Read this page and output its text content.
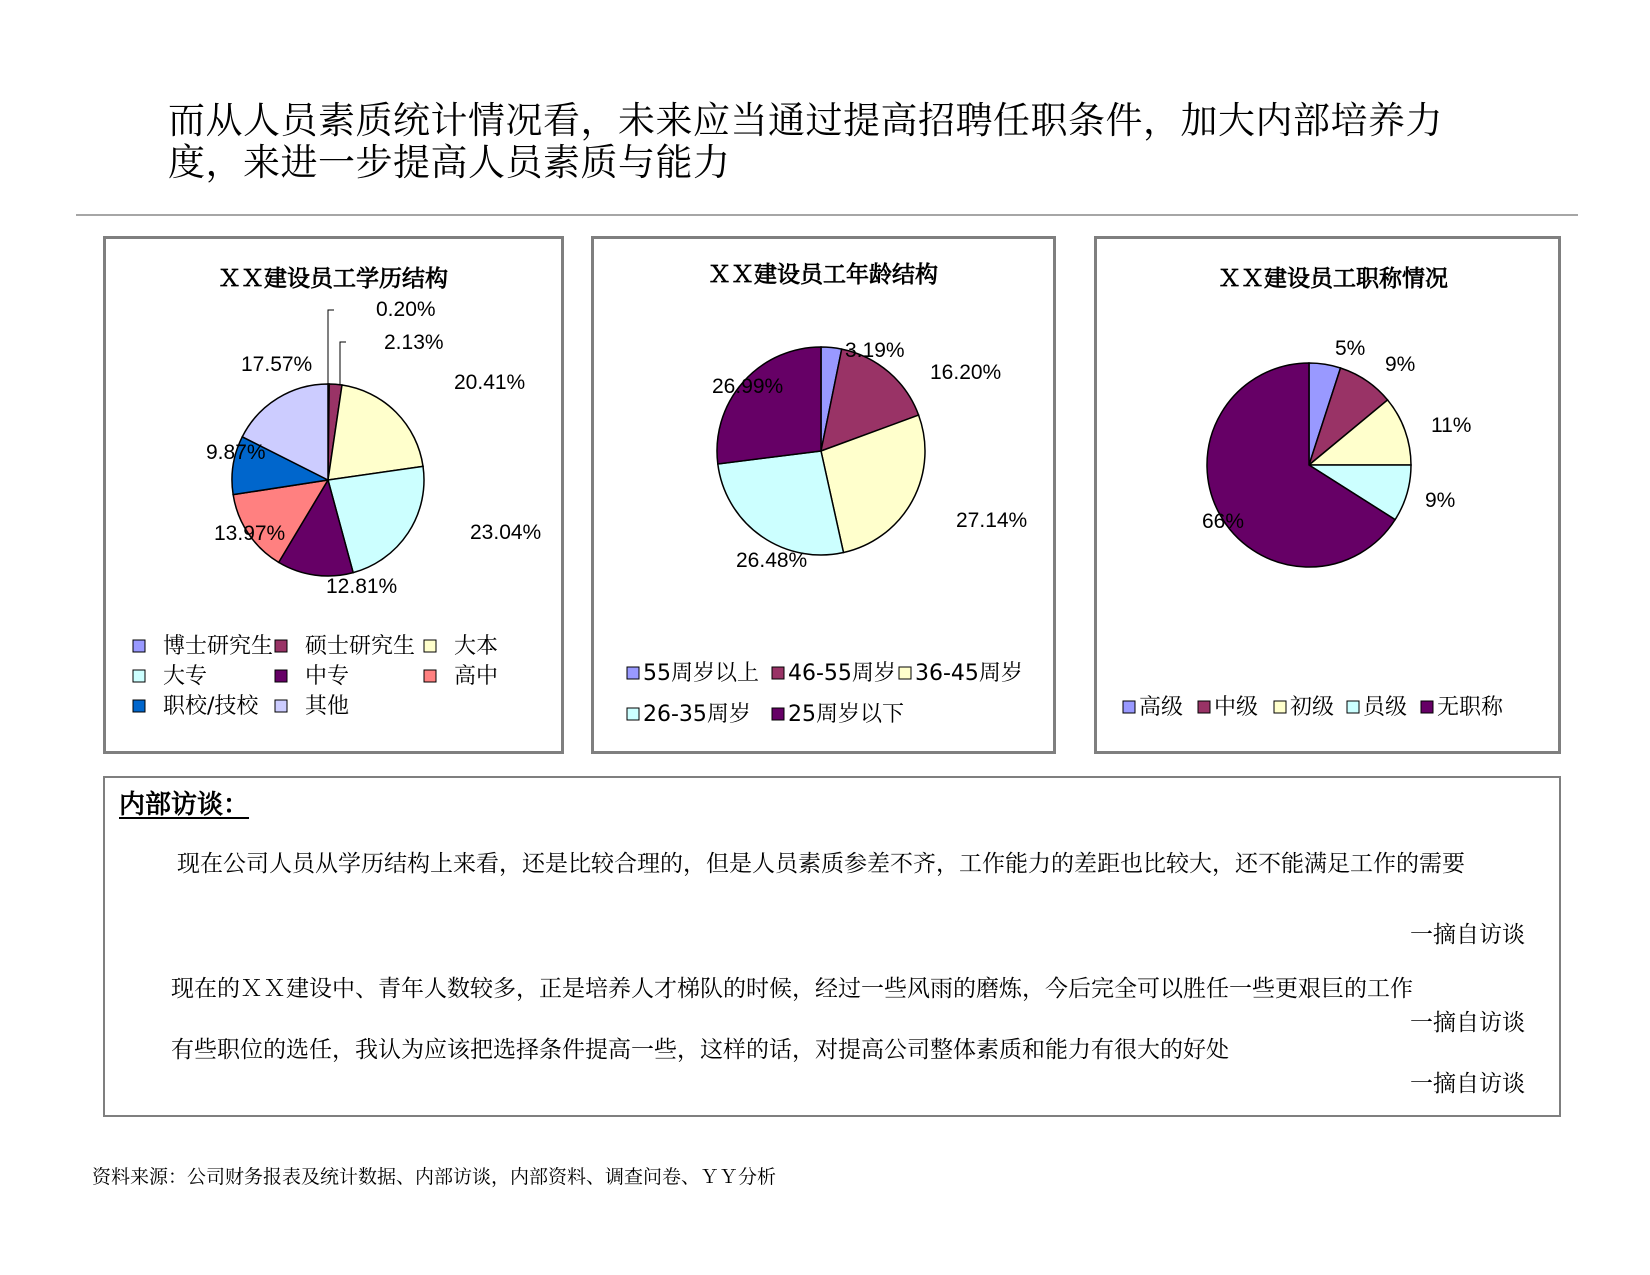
而从人员素质统计情况看，未来应当通过提高招聘任职条件，加大内部培养力度，来进一步提高人员素质与能力
ＸＸ建设员工学历结构
0.20%
2.13%
20.41%
23.04%
12.81%
13.97%
9.87%
17.57%
博士研究生 硕士研究生 大本
大专	中专	高中
职校/技校 其他
ＸＸ建设员工年龄结构
3.19%
16.20%
27.14%
26.48%
26.99%
55周岁以上 46-55周岁 36-45周岁
26-35周岁 25周岁以下
ＸＸ建设员工职称情况
5%
9%
11%
9%
66%
高级 中级 初级 员级 无职称
内部访谈：
现在公司人员从学历结构上来看，还是比较合理的，但是人员素质参差不齐，工作能力的差距也比较大，还不能满足工作的需要
一摘自访谈
现在的ＸＸ建设中、青年人数较多，正是培养人才梯队的时候，经过一些风雨的磨炼，今后完全可以胜任一些更艰巨的工作
一摘自访谈
有些职位的选任，我认为应该把选择条件提高一些，这样的话，对提高公司整体素质和能力有很大的好处
一摘自访谈
资料来源：公司财务报表及统计数据、内部访谈，内部资料、调查问卷、ＹＹ分析
